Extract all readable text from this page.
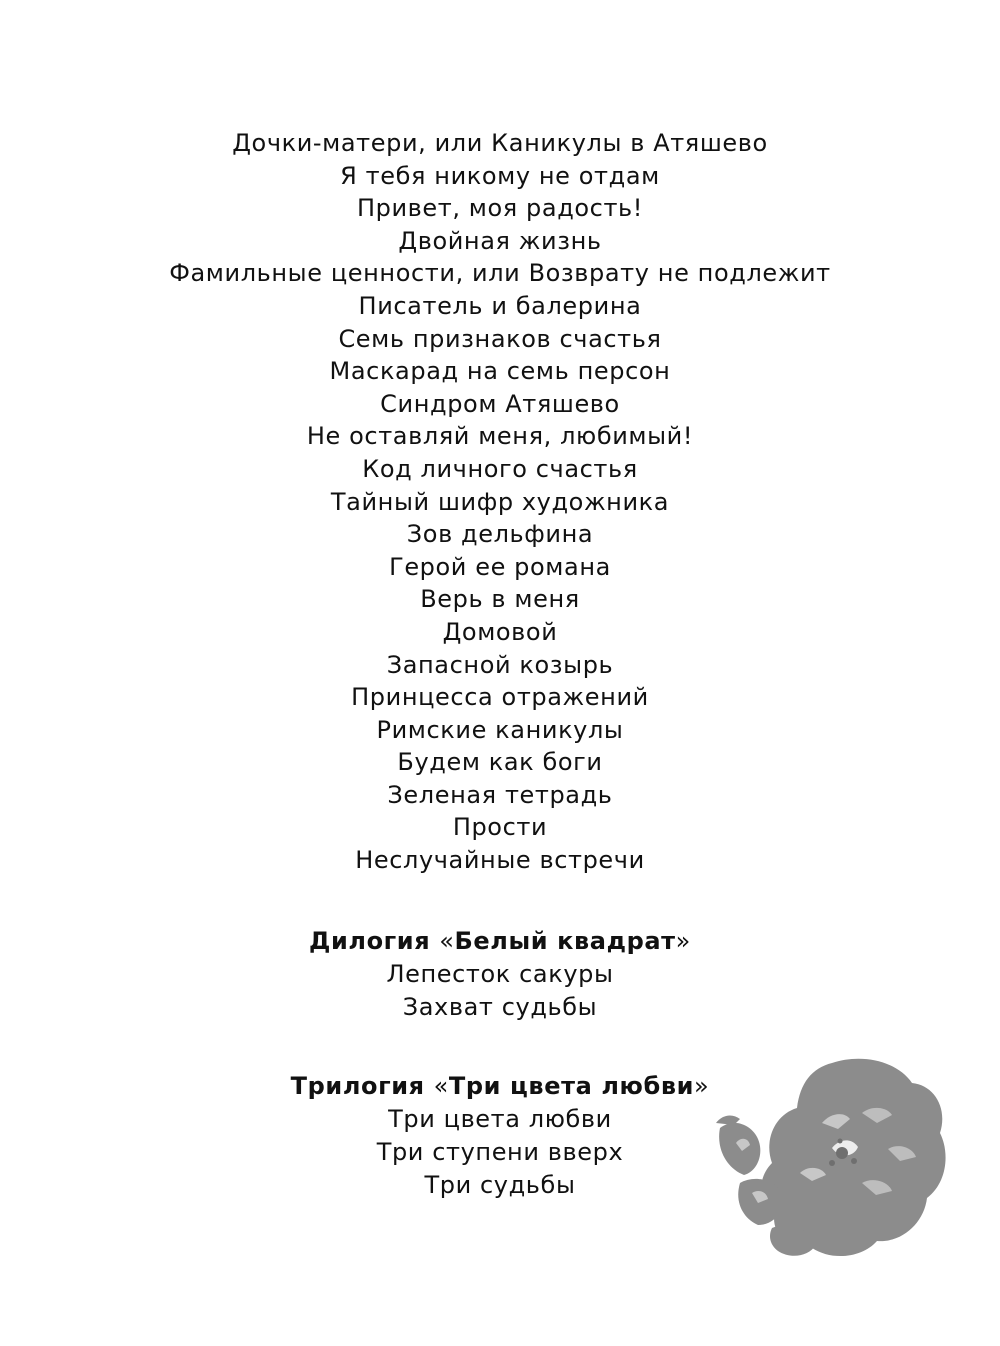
Дочки-матери, или Каникулы в Атяшево
Я тебя никому не отдам
Привет, моя радость!
Двойная жизнь
Фамильные ценности, или Возврату не подлежит
Писатель и балерина
Семь признаков счастья
Маскарад на семь персон
Синдром Атяшево
Не оставляй меня, любимый!
Код личного счастья
Тайный шифр художника
Зов дельфина
Герой ее романа
Верь в меня
Домовой
Запасной козырь
Принцесса отражений
Римские каникулы
Будем как боги
Зеленая тетрадь
Прости
Неслучайные встречи
Дилогия «Белый квадрат»
Лепесток сакуры
Захват судьбы
Трилогия «Три цвета любви»
Три цвета любви
Три ступени вверх
Три судьбы
